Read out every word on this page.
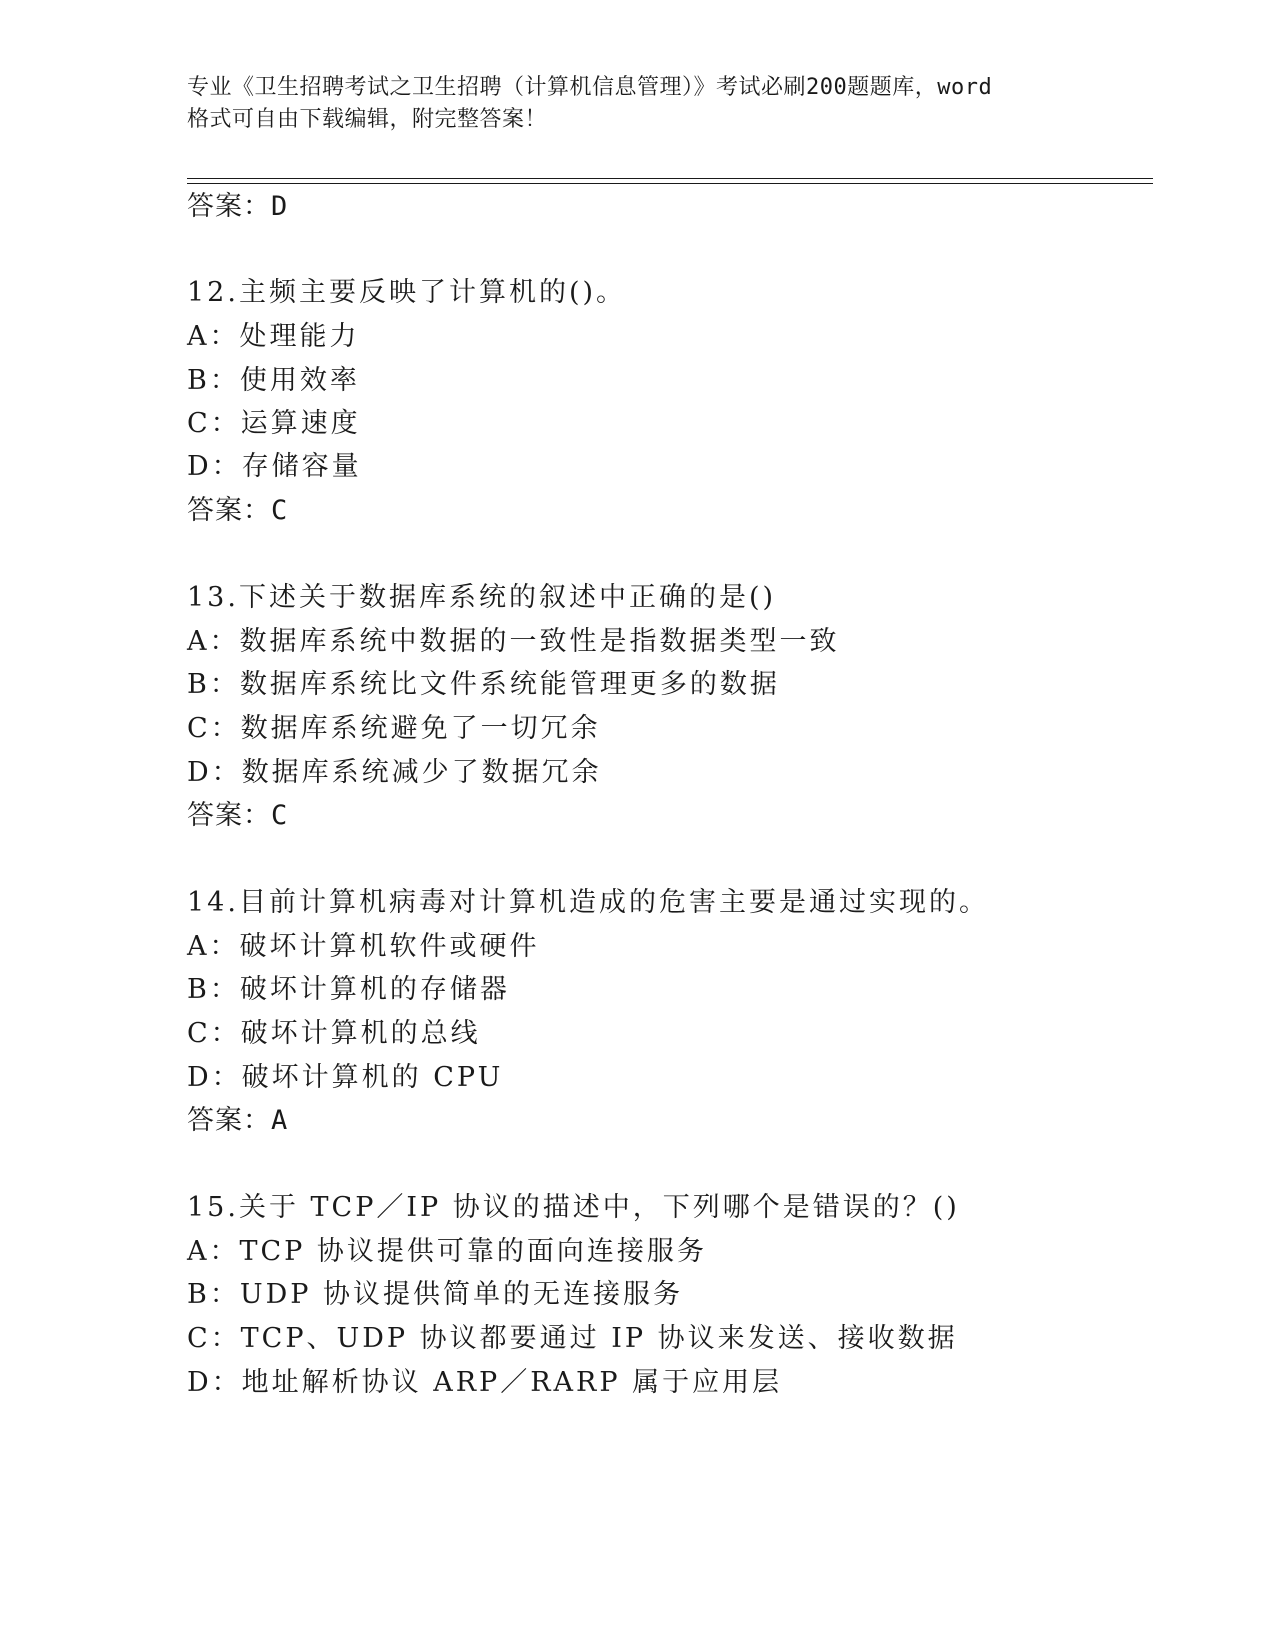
专业《卫生招聘考试之卫生招聘（计算机信息管理）》考试必刷200题题库，word
格式可自由下载编辑，附完整答案！
答案：D
12.主频主要反映了计算机的()。
A：处理能力
B：使用效率
C：运算速度
D：存储容量
答案：C
13.下述关于数据库系统的叙述中正确的是()
A：数据库系统中数据的一致性是指数据类型一致
B：数据库系统比文件系统能管理更多的数据
C：数据库系统避免了一切冗余
D：数据库系统减少了数据冗余
答案：C
14.目前计算机病毒对计算机造成的危害主要是通过实现的。
A：破坏计算机软件或硬件
B：破坏计算机的存储器
C：破坏计算机的总线
D：破坏计算机的 CPU
答案：A
15.关于 TCP／IP 协议的描述中，下列哪个是错误的？()
A：TCP 协议提供可靠的面向连接服务
B：UDP 协议提供简单的无连接服务
C：TCP、UDP 协议都要通过 IP 协议来发送、接收数据
D：地址解析协议 ARP／RARP 属于应用层
